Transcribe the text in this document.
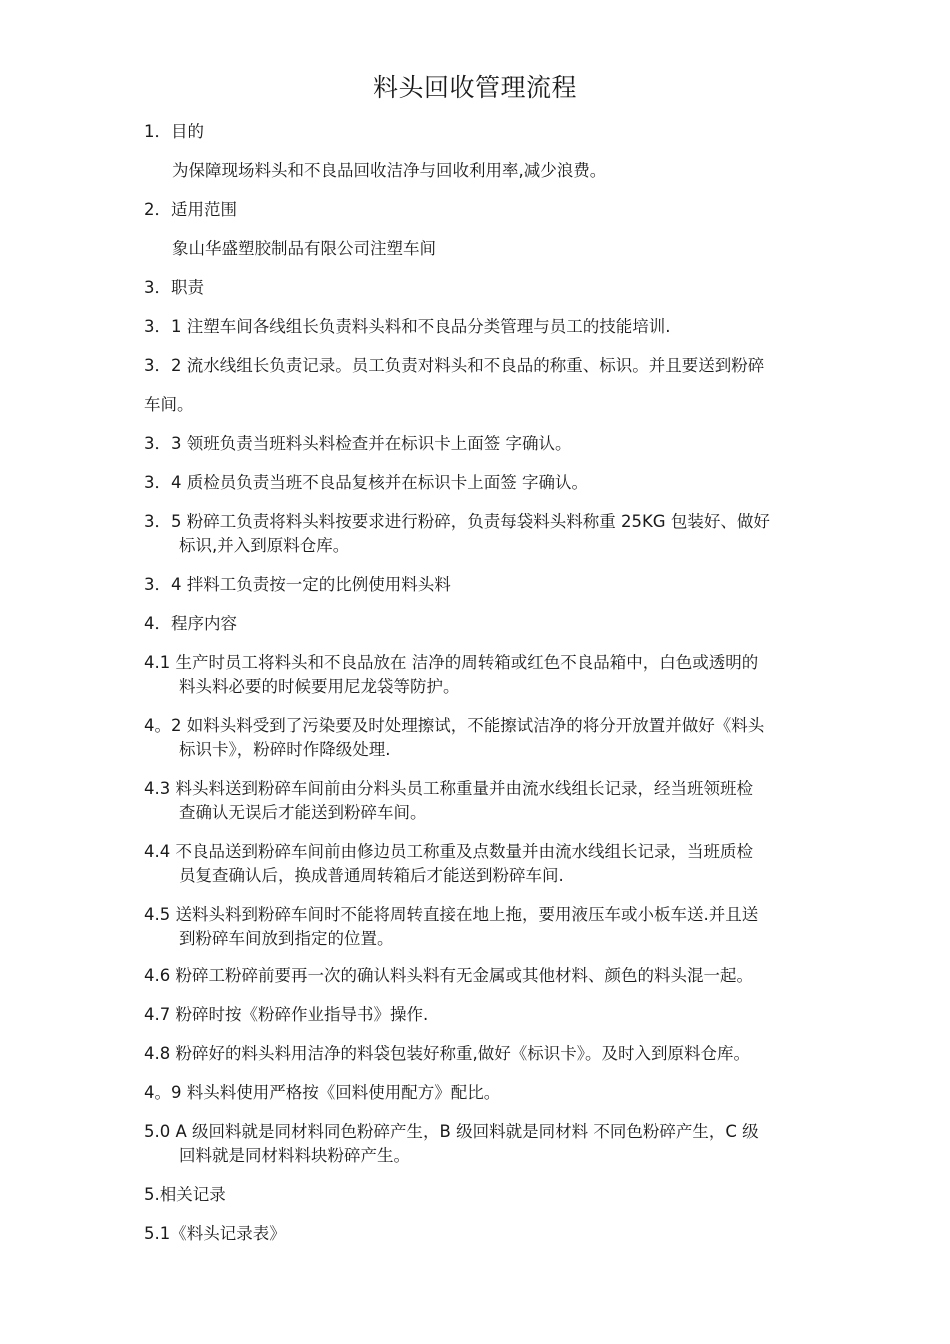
料头回收管理流程

1．目的

为保障现场料头和不良品回收洁净与回收利用率,减少浪费。

2．适用范围

象山华盛塑胶制品有限公司注塑车间

3．职责

3．1 注塑车间各线组长负责料头料和不良品分类管理与员工的技能培训.

3．2 流水线组长负责记录。员工负责对料头和不良品的称重、标识。并且要送到粉碎

车间。

3．3 领班负责当班料头料检查并在标识卡上面签 字确认。

3．4 质检员负责当班不良品复核并在标识卡上面签 字确认。

3．5 粉碎工负责将料头料按要求进行粉碎，负责每袋料头料称重 25KG 包装好、做好

标识,并入到原料仓库。

3．4 拌料工负责按一定的比例使用料头料

4．程序内容

4.1 生产时员工将料头和不良品放在 洁净的周转箱或红色不良品箱中，白色或透明的

料头料必要的时候要用尼龙袋等防护。

4。2 如料头料受到了污染要及时处理擦试，不能擦试洁净的将分开放置并做好《料头

标识卡》，粉碎时作降级处理.

4.3 料头料送到粉碎车间前由分料头员工称重量并由流水线组长记录，经当班领班检

查确认无误后才能送到粉碎车间。

4.4 不良品送到粉碎车间前由修边员工称重及点数量并由流水线组长记录，当班质检

员复查确认后，换成普通周转箱后才能送到粉碎车间.

4.5 送料头料到粉碎车间时不能将周转直接在地上拖，要用液压车或小板车送.并且送

到粉碎车间放到指定的位置。

4.6 粉碎工粉碎前要再一次的确认料头料有无金属或其他材料、颜色的料头混一起。

4.7 粉碎时按《粉碎作业指导书》操作.

4.8 粉碎好的料头料用洁净的料袋包装好称重,做好《标识卡》。及时入到原料仓库。

4。9 料头料使用严格按《回料使用配方》配比。

5.0 A 级回料就是同材料同色粉碎产生，B 级回料就是同材料 不同色粉碎产生，C 级

回料就是同材料料块粉碎产生。

5.相关记录

5.1《料头记录表》
